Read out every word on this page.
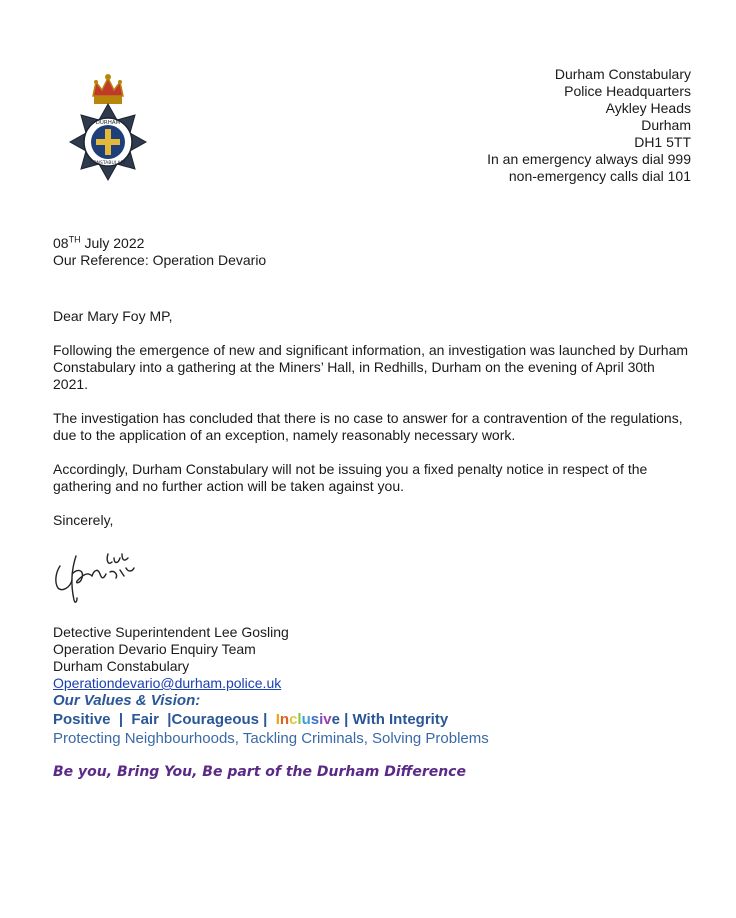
DURHAM
CONSTABULARY
Durham Constabulary
Police Headquarters
Aykley Heads
Durham
DH1 5TT
In an emergency always dial 999
non-emergency calls dial 101
08TH July 2022
Our Reference: Operation Devario

Dear Mary Foy MP,

Following the emergence of new and significant information, an investigation was launched by Durham Constabulary into a gathering at the Miners’ Hall, in Redhills, Durham on the evening of April 30th 2021.

The investigation has concluded that there is no case to answer for a contravention of the regulations, due to the application of an exception, namely reasonably necessary work.

Accordingly, Durham Constabulary will not be issuing you a fixed penalty notice in respect of the gathering and no further action will be taken against you.

Sincerely,

Detective Superintendent Lee Gosling
Operation Devario Enquiry Team
Durham Constabulary
Operationdevario@durham.police.uk
Our Values & Vision:
Positive | Fair |Courageous | Inclusive | With Integrity
Protecting Neighbourhoods, Tackling Criminals, Solving Problems
Be you, Bring You, Be part of the Durham Difference
